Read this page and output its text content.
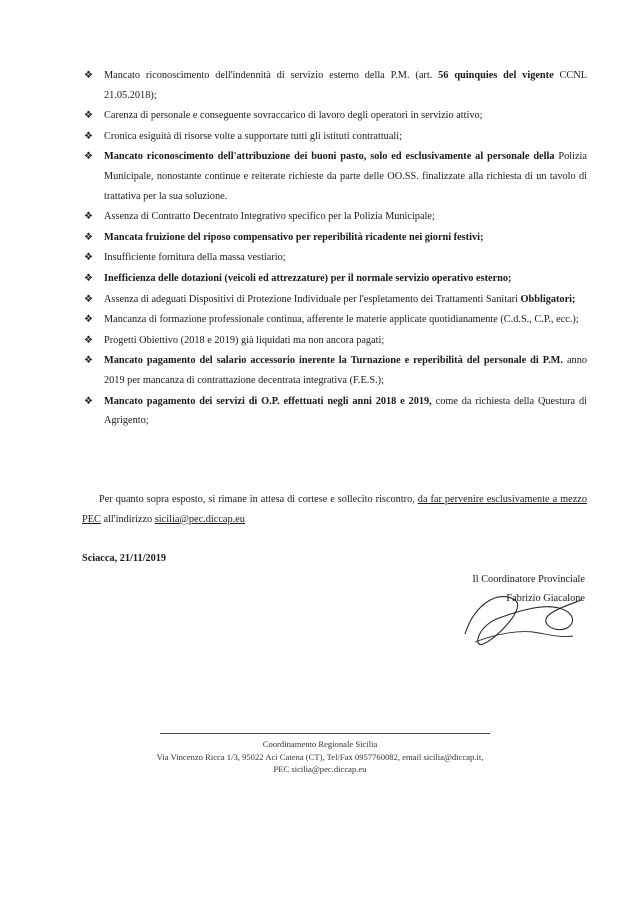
❖ Mancato riconoscimento dell'indennità di servizio esterno della P.M. (art. 56 quinquies del vigente CCNL 21.05.2018);
❖ Carenza di personale e conseguente sovraccarico di lavoro degli operatori in servizio attivo;
❖ Cronica esiguità di risorse volte a supportare tutti gli istituti contrattuali;
❖ Mancato riconoscimento dell'attribuzione dei buoni pasto, solo ed esclusivamente al personale della Polizia Municipale, nonostante continue e reiterate richieste da parte delle OO.SS. finalizzate alla richiesta di un tavolo di trattativa per la sua soluzione.
❖ Assenza di Contratto Decentrato Integrativo specifico per la Polizia Municipale;
❖ Mancata fruizione del riposo compensativo per reperibilità ricadente nei giorni festivi;
❖ Insufficiente fornitura della massa vestiario;
❖ Inefficienza delle dotazioni (veicoli ed attrezzature) per il normale servizio operativo esterno;
❖ Assenza di adeguati Dispositivi di Protezione Individuale per l'espletamento dei Trattamenti Sanitari Obbligatori;
❖ Mancanza di formazione professionale continua, afferente le materie applicate quotidianamente (C.d.S., C.P., ecc.);
❖ Progetti Obiettivo (2018 e 2019) già liquidati ma non ancora pagati;
❖ Mancato pagamento del salario accessorio inerente la Turnazione e reperibilità del personale di P.M. anno 2019 per mancanza di contrattazione decentrata integrativa (F.E.S.);
❖ Mancato pagamento dei servizi di O.P. effettuati negli anni 2018 e 2019, come da richiesta della Questura di Agrigento;

Per quanto sopra esposto, si rimane in attesa di cortese e sollecito riscontro, da far pervenire esclusivamente a mezzo PEC all'indirizzo sicilia@pec.diccap.eu

Sciacca, 21/11/2019

Il Coordinatore Provinciale
Fabrizio Giacalone
Coordinamento Regionale Sicilia
Via Vincenzo Ricca 1/3, 95022 Aci Catena (CT), Tel/Fax 0957760082, email sicilia@diccap.it,
PEC sicilia@pec.diccap.eu
